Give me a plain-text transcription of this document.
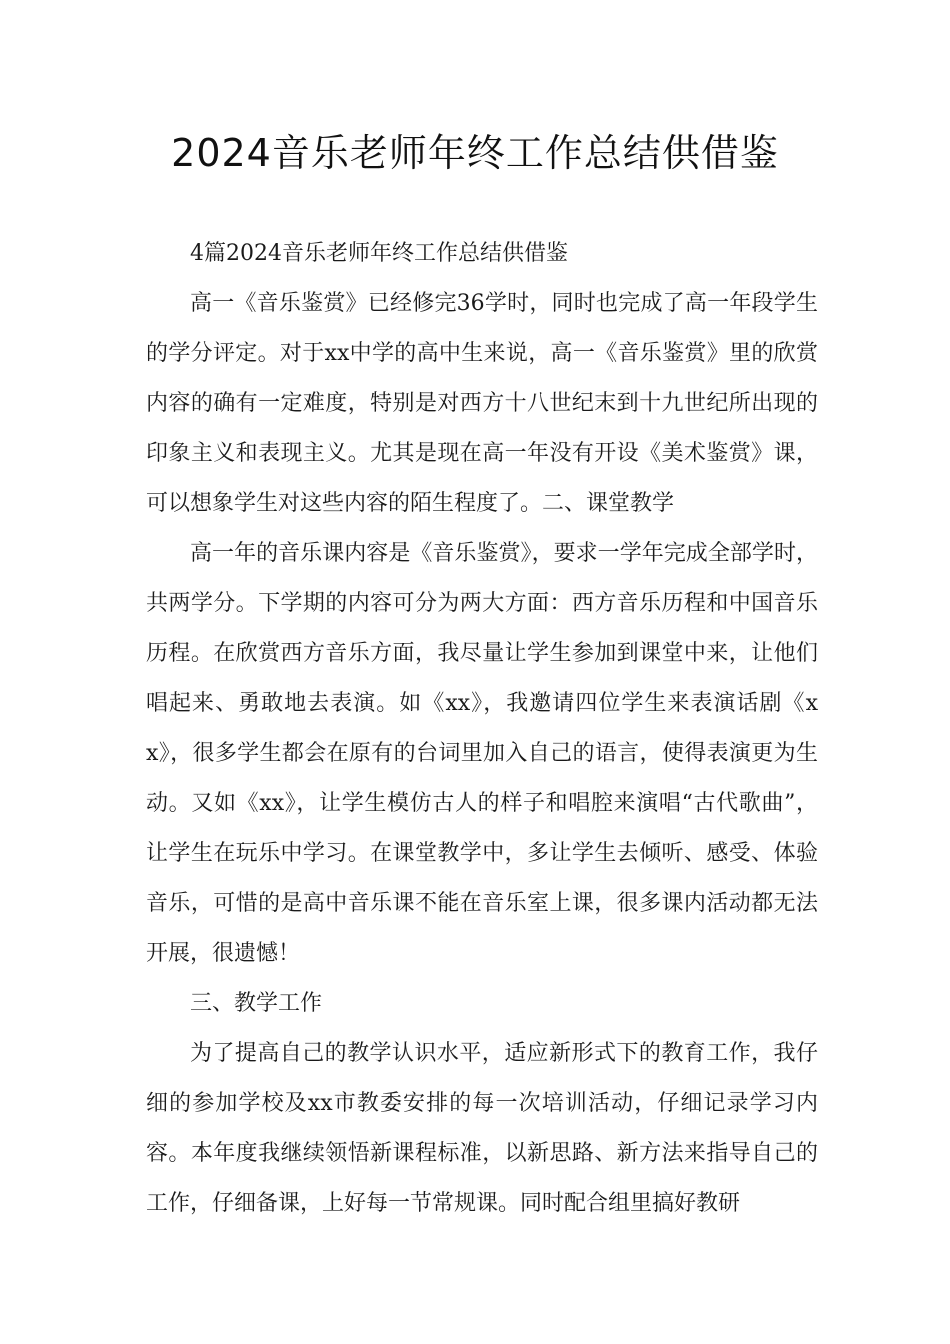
2024音乐老师年终工作总结供借鉴

4篇2024音乐老师年终工作总结供借鉴

高一《音乐鉴赏》已经修完36学时，同时也完成了高一年段学生的学分评定。对于xx中学的高中生来说，高一《音乐鉴赏》里的欣赏内容的确有一定难度，特别是对西方十八世纪末到十九世纪所出现的印象主义和表现主义。尤其是现在高一年没有开设《美术鉴赏》课，可以想象学生对这些内容的陌生程度了。二、课堂教学

高一年的音乐课内容是《音乐鉴赏》，要求一学年完成全部学时，共两学分。下学期的内容可分为两大方面：西方音乐历程和中国音乐历程。在欣赏西方音乐方面，我尽量让学生参加到课堂中来，让他们唱起来、勇敢地去表演。如《xx》，我邀请四位学生来表演话剧《xx》，很多学生都会在原有的台词里加入自己的语言，使得表演更为生动。又如《xx》，让学生模仿古人的样子和唱腔来演唱“古代歌曲”，让学生在玩乐中学习。在课堂教学中，多让学生去倾听、感受、体验音乐，可惜的是高中音乐课不能在音乐室上课，很多课内活动都无法开展，很遗憾！

三、教学工作

为了提高自己的教学认识水平，适应新形式下的教育工作，我仔细的参加学校及xx市教委安排的每一次培训活动，仔细记录学习内容。本年度我继续领悟新课程标准，以新思路、新方法来指导自己的工作，仔细备课，上好每一节常规课。同时配合组里搞好教研
